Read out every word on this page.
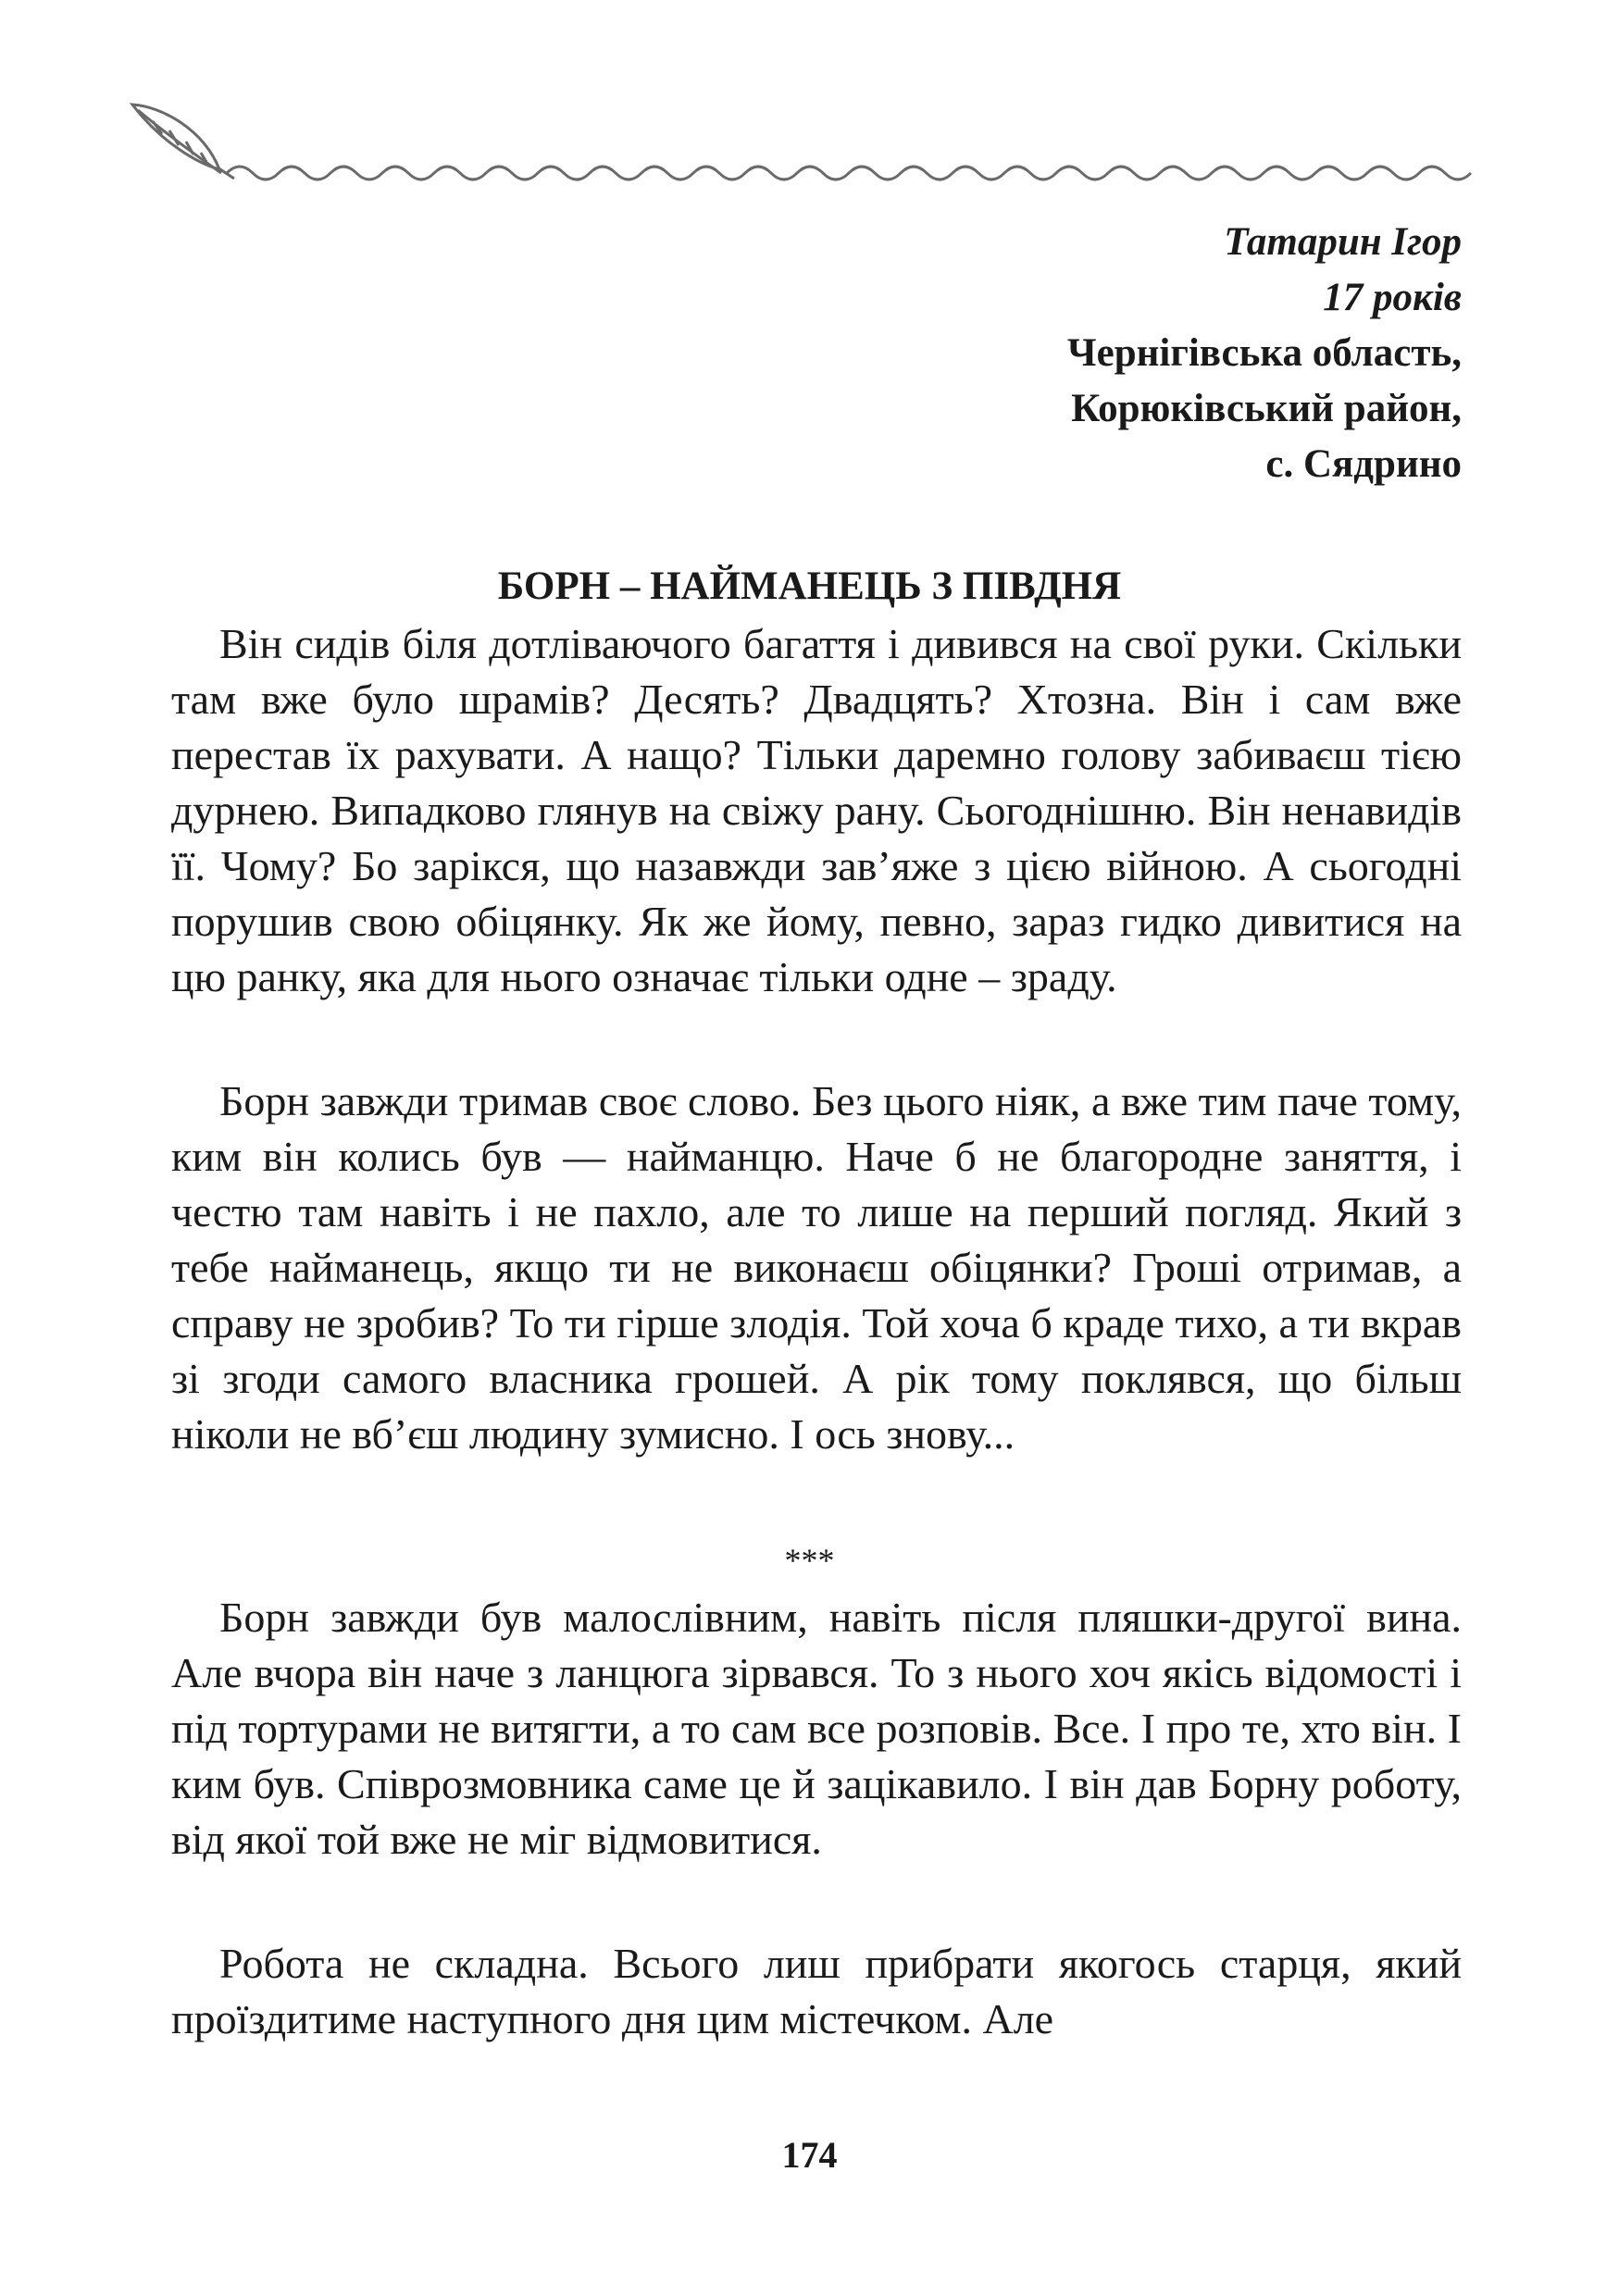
Татарин Ігор
17 років
Чернігівська область,
Корюківський район,
с. Сядрино
БОРН – НАЙМАНЕЦЬ З ПІВДНЯ

Він сидів біля дотліваючого багаття і дивився на свої руки. Скільки там вже було шрамів? Десять? Двадцять? Хтозна. Він і сам вже перестав їх рахувати. А нащо? Тільки даремно голову забиваєш тією дурнею. Випадково глянув на свіжу рану. Сьогоднішню. Він ненавидів її. Чому? Бо зарікся, що назавжди зав’яже з цією війною. А сьогодні порушив свою обіцянку. Як же йому, певно, зараз гидко дивитися на цю ранку, яка для нього означає тільки одне – зраду.

Борн завжди тримав своє слово. Без цього ніяк, а вже тим паче тому, ким він колись був — найманцю. Наче б не благородне заняття, і честю там навіть і не пахло, але то лише на перший погляд. Який з тебе найманець, якщо ти не виконаєш обіцянки? Гроші отримав, а справу не зробив? То ти гірше злодія. Той хоча б краде тихо, а ти вкрав зі згоди самого власника грошей. А рік тому поклявся, що більш ніколи не вб’єш людину зумисно. І ось знову...

***

Борн завжди був малослівним, навіть після пляшки-другої вина. Але вчора він наче з ланцюга зірвався. То з нього хоч якісь відомості і під тортурами не витягти, а то сам все розповів. Все. І про те, хто він. І ким був. Співрозмовника саме це й зацікавило. І він дав Борну роботу, від якої той вже не міг відмовитися.

Робота не складна. Всього лиш прибрати якогось старця, який проїздитиме наступного дня цим містечком. Але

174
